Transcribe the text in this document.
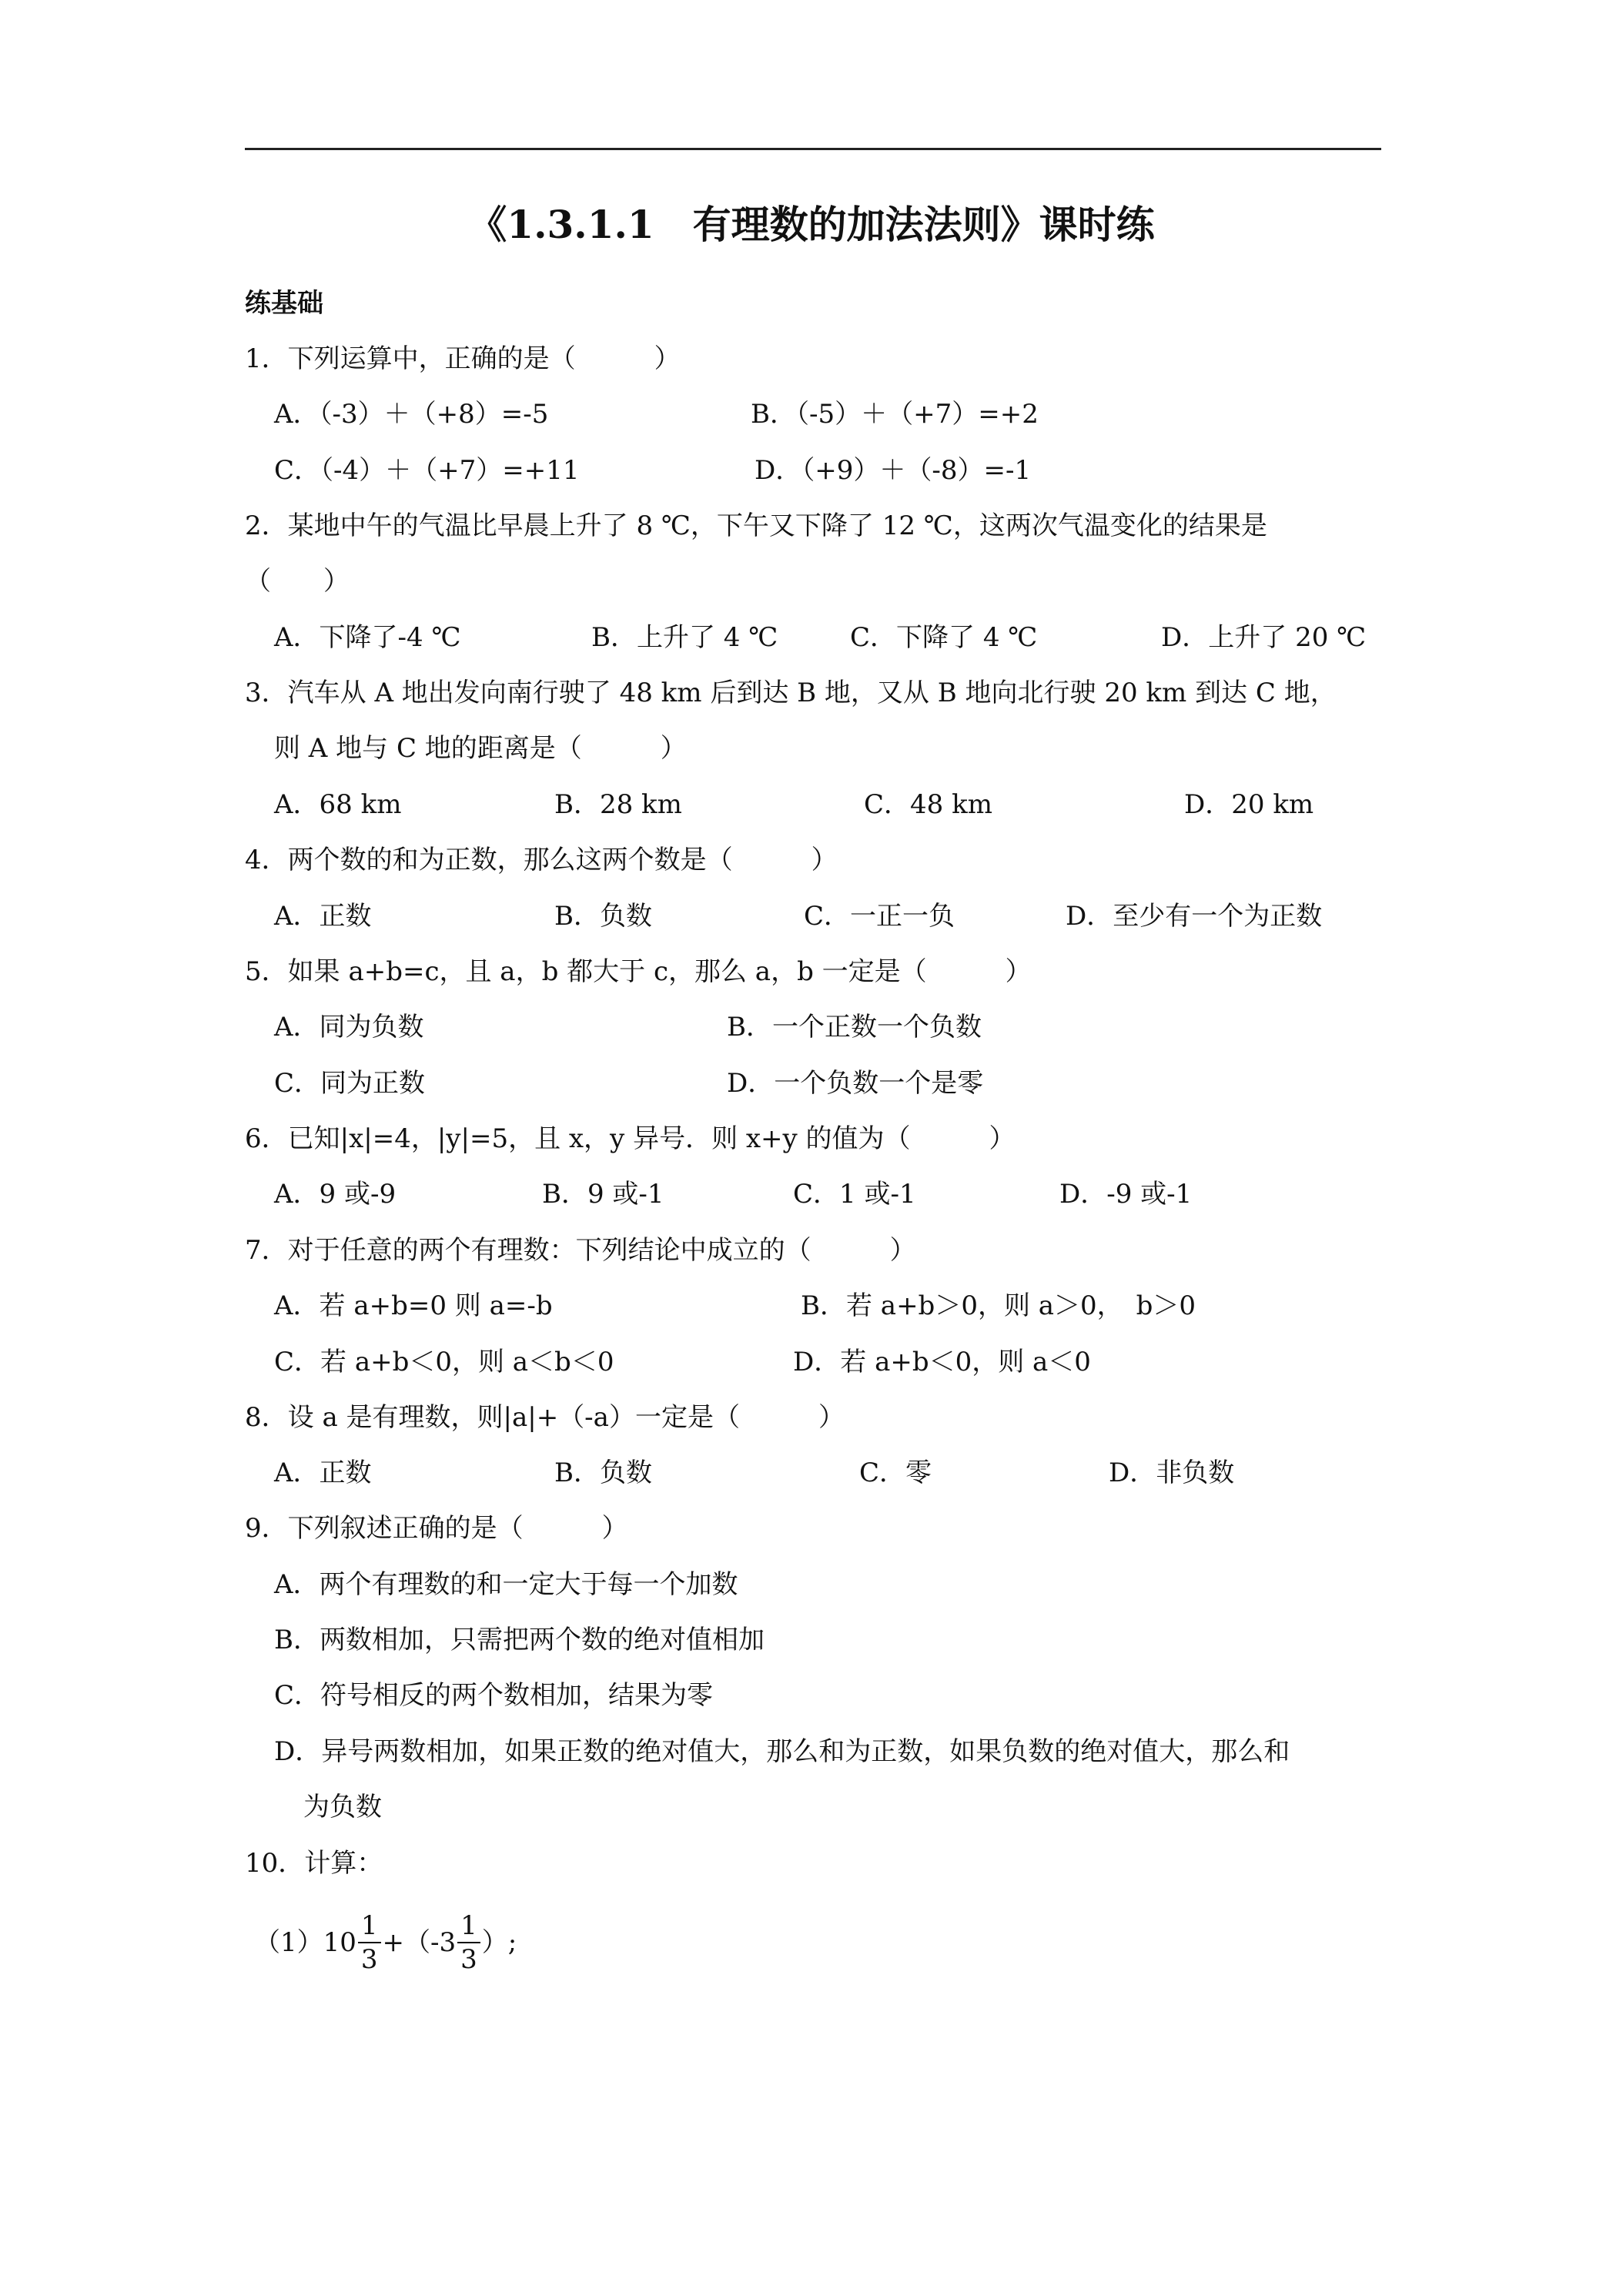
《1.3.1.1　有理数的加法法则》课时练
练基础
1．下列运算中，正确的是（　　　）
A．（-3）＋（+8）=-5	B．（-5）＋（+7）=+2
C．（-4）＋（+7）=+11	D．（+9）＋（-8）=-1
2．某地中午的气温比早晨上升了 8 ℃，下午又下降了 12 ℃，这两次气温变化的结果是
（　　）
A．下降了-4 ℃	B．上升了 4 ℃	C．下降了 4 ℃	D．上升了 20 ℃
3．汽车从 A 地出发向南行驶了 48 km 后到达 B 地，又从 B 地向北行驶 20 km 到达 C 地，
则 A 地与 C 地的距离是（　　　）
A．68 km	B．28 km	C．48 km	D．20 km
4．两个数的和为正数，那么这两个数是（　　　）
A．正数	B．负数	C．一正一负	D．至少有一个为正数
5．如果 a+b=c，且 a，b 都大于 c，那么 a，b 一定是（　　　）
A．同为负数	B．一个正数一个负数
C．同为正数	D．一个负数一个是零
6．已知|x|=4，|y|=5，且 x，y 异号．则 x+y 的值为（　　　）
A．9 或-9	B．9 或-1	C．1 或-1	D．-9 或-1
7．对于任意的两个有理数：下列结论中成立的（　　　）
A．若 a+b=0 则 a=-b	B．若 a+b＞0，则 a＞0，　b＞0
C．若 a+b＜0，则 a＜b＜0	D．若 a+b＜0，则 a＜0
8．设 a 是有理数，则|a|+（-a）一定是（　　　）
A．正数	B．负数	C．零	D．非负数
9．下列叙述正确的是（　　　）
A．两个有理数的和一定大于每一个加数
B．两数相加，只需把两个数的绝对值相加
C．符号相反的两个数相加，结果为零
D．异号两数相加，如果正数的绝对值大，那么和为正数，如果负数的绝对值大，那么和
为负数
10．计算：
（1） $10 \frac{1}{3} +(-3 \frac{1}{3}$ ）;
